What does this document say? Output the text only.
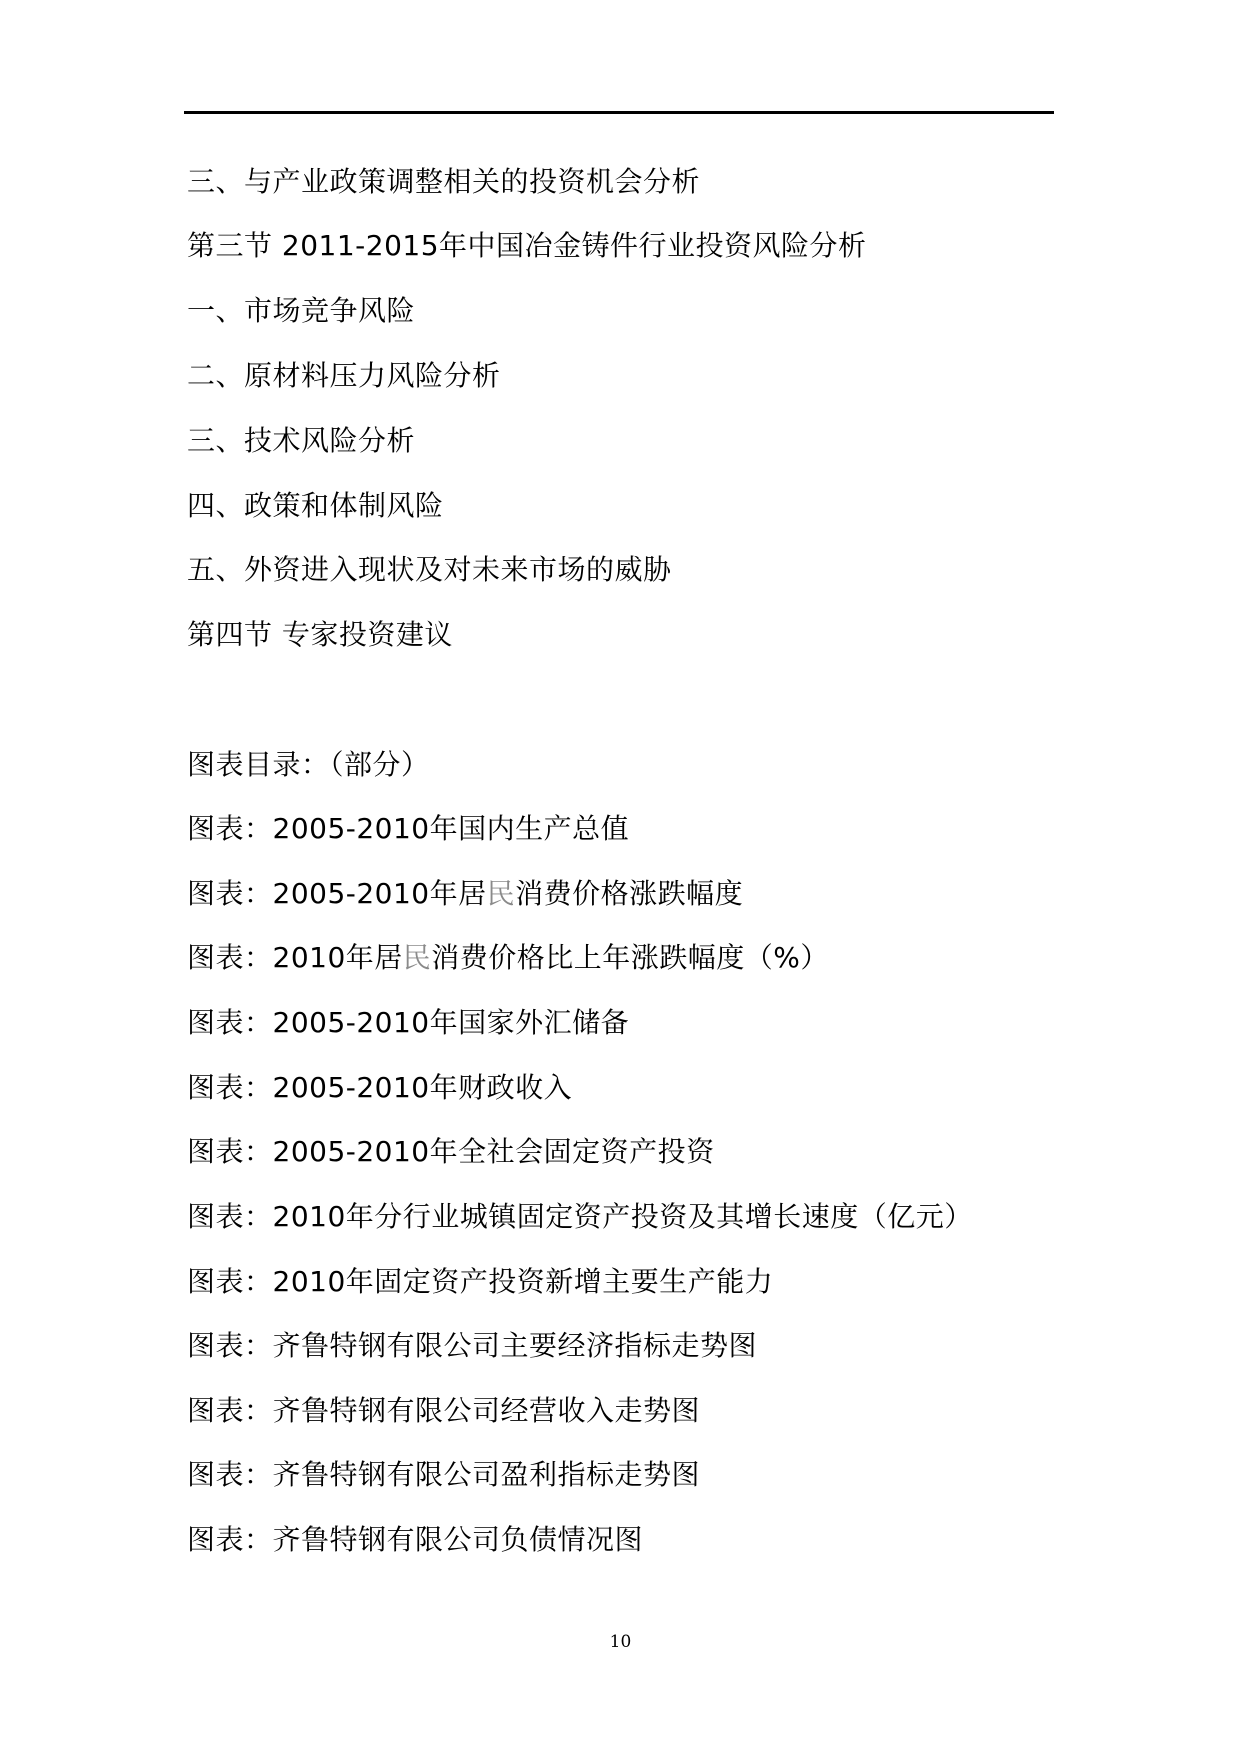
三、与产业政策调整相关的投资机会分析
第三节 2011-2015年中国冶金铸件行业投资风险分析
一、市场竞争风险
二、原材料压力风险分析
三、技术风险分析
四、政策和体制风险
五、外资进入现状及对未来市场的威胁
第四节 专家投资建议
图表目录：（部分）
图表：2005-2010年国内生产总值
图表：2005-2010年居民消费价格涨跌幅度
图表：2010年居民消费价格比上年涨跌幅度（%）
图表：2005-2010年国家外汇储备
图表：2005-2010年财政收入
图表：2005-2010年全社会固定资产投资
图表：2010年分行业城镇固定资产投资及其增长速度（亿元）
图表：2010年固定资产投资新增主要生产能力
图表：齐鲁特钢有限公司主要经济指标走势图
图表：齐鲁特钢有限公司经营收入走势图
图表：齐鲁特钢有限公司盈利指标走势图
图表：齐鲁特钢有限公司负债情况图
10
